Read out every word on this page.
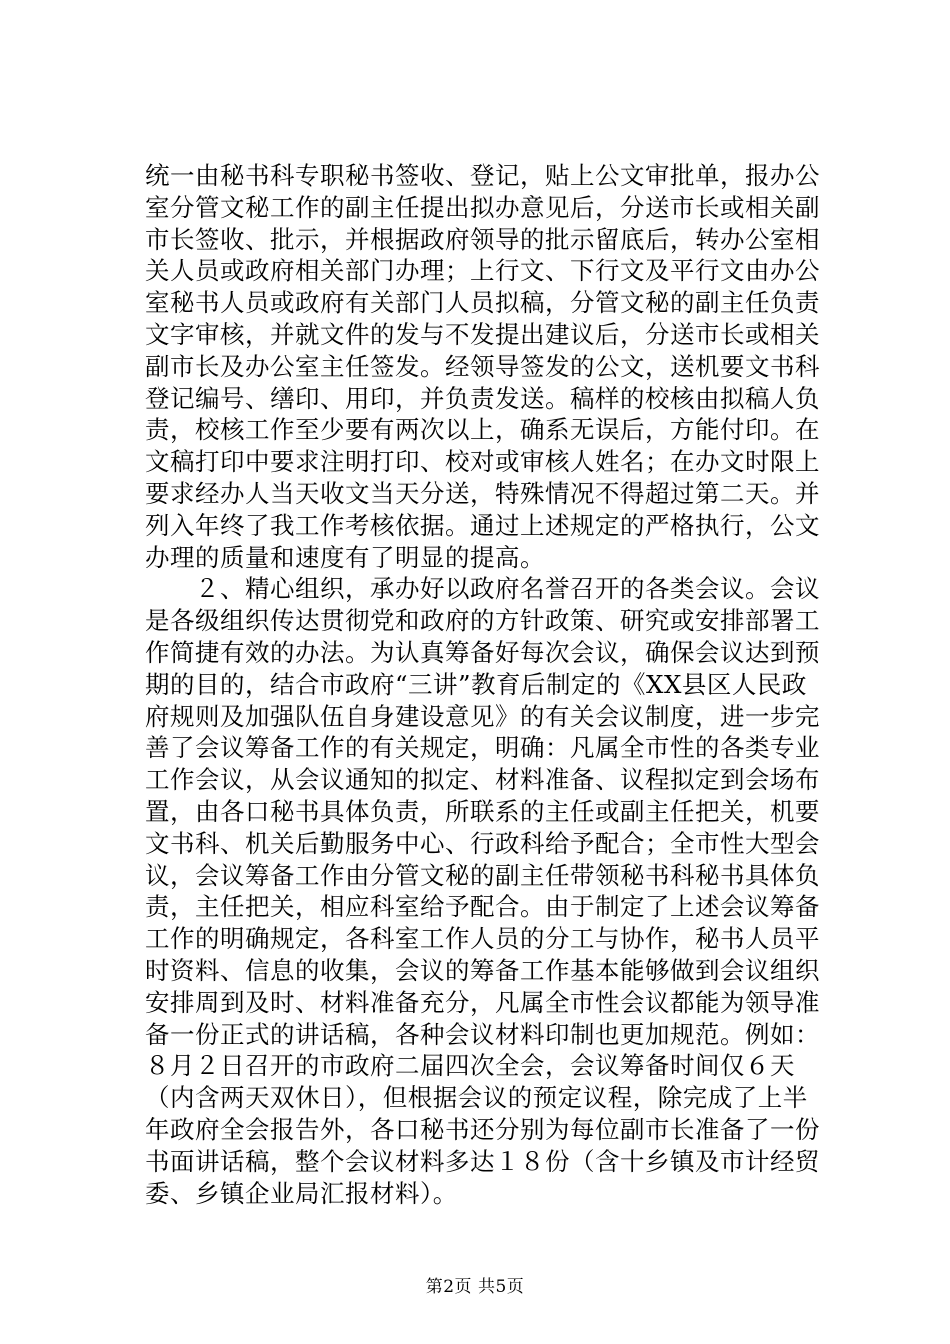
统一由秘书科专职秘书签收、登记，贴上公文审批单，报办公
室分管文秘工作的副主任提出拟办意见后，分送市长或相关副
市长签收、批示，并根据政府领导的批示留底后，转办公室相
关人员或政府相关部门办理；上行文、下行文及平行文由办公
室秘书人员或政府有关部门人员拟稿，分管文秘的副主任负责
文字审核，并就文件的发与不发提出建议后，分送市长或相关
副市长及办公室主任签发。经领导签发的公文，送机要文书科
登记编号、缮印、用印，并负责发送。稿样的校核由拟稿人负
责，校核工作至少要有两次以上，确系无误后，方能付印。在
文稿打印中要求注明打印、校对或审核人姓名；在办文时限上
要求经办人当天收文当天分送，特殊情况不得超过第二天。并
列入年终了我工作考核依据。通过上述规定的严格执行，公文
办理的质量和速度有了明显的提高。
　　２、精心组织，承办好以政府名誉召开的各类会议。会议
是各级组织传达贯彻党和政府的方针政策、研究或安排部署工
作简捷有效的办法。为认真筹备好每次会议，确保会议达到预
期的目的，结合市政府“三讲”教育后制定的《XX县区人民政
府规则及加强队伍自身建设意见》的有关会议制度，进一步完
善了会议筹备工作的有关规定，明确：凡属全市性的各类专业
工作会议，从会议通知的拟定、材料准备、议程拟定到会场布
置，由各口秘书具体负责，所联系的主任或副主任把关，机要
文书科、机关后勤服务中心、行政科给予配合；全市性大型会
议，会议筹备工作由分管文秘的副主任带领秘书科秘书具体负
责，主任把关，相应科室给予配合。由于制定了上述会议筹备
工作的明确规定，各科室工作人员的分工与协作，秘书人员平
时资料、信息的收集，会议的筹备工作基本能够做到会议组织
安排周到及时、材料准备充分，凡属全市性会议都能为领导准
备一份正式的讲话稿，各种会议材料印制也更加规范。例如：
８月２日召开的市政府二届四次全会，会议筹备时间仅６天
（内含两天双休日），但根据会议的预定议程，除完成了上半
年政府全会报告外，各口秘书还分别为每位副市长准备了一份
书面讲话稿，整个会议材料多达１８份（含十乡镇及市计经贸
委、乡镇企业局汇报材料）。
第2页 共5页
